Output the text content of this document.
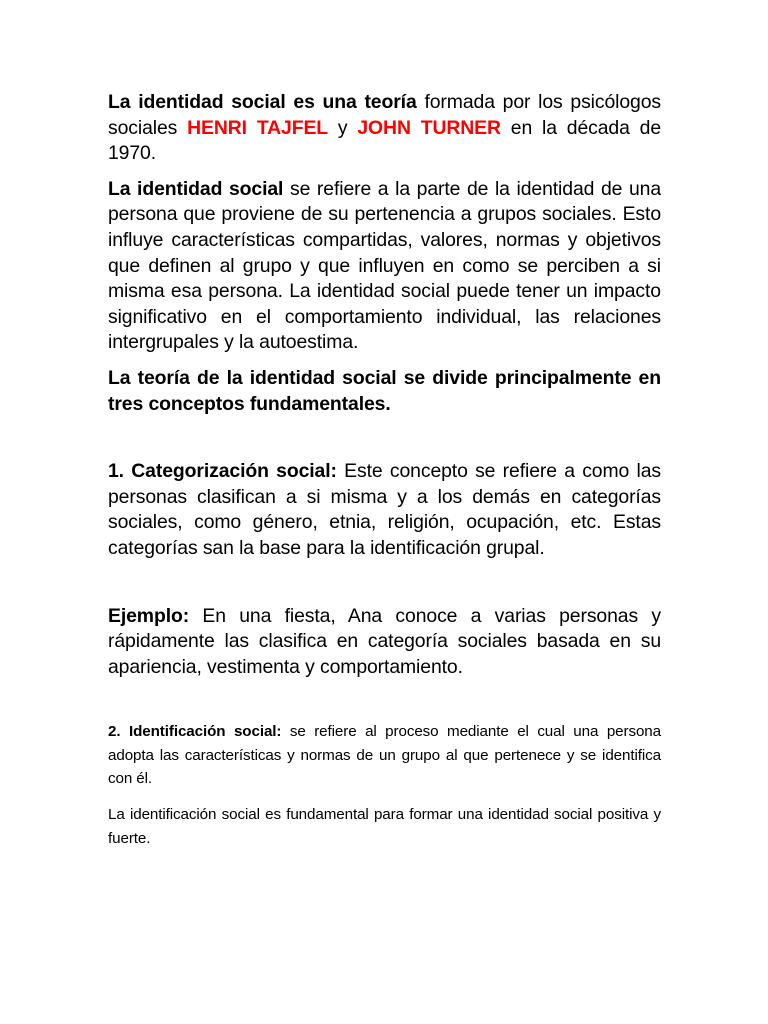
La identidad social es una teoría formada por los psicólogos sociales HENRI TAJFEL y JOHN TURNER en la década de 1970.

La identidad social se refiere a la parte de la identidad de una persona que proviene de su pertenencia a grupos sociales. Esto influye características compartidas, valores, normas y objetivos que definen al grupo y que influyen en como se perciben a si misma esa persona. La identidad social puede tener un impacto significativo en el comportamiento individual, las relaciones intergrupales y la autoestima.

La teoría de la identidad social se divide principalmente en tres conceptos fundamentales.

1. Categorización social: Este concepto se refiere a como las personas clasifican a si misma y a los demás en categorías sociales, como género, etnia, religión, ocupación, etc. Estas categorías san la base para la identificación grupal.

Ejemplo: En una fiesta, Ana conoce a varias personas y rápidamente las clasifica en categoría sociales basada en su apariencia, vestimenta y comportamiento.

2. Identificación social: se refiere al proceso mediante el cual una persona adopta las características y normas de un grupo al que pertenece y se identifica con él.

La identificación social es fundamental para formar una identidad social positiva y fuerte.
